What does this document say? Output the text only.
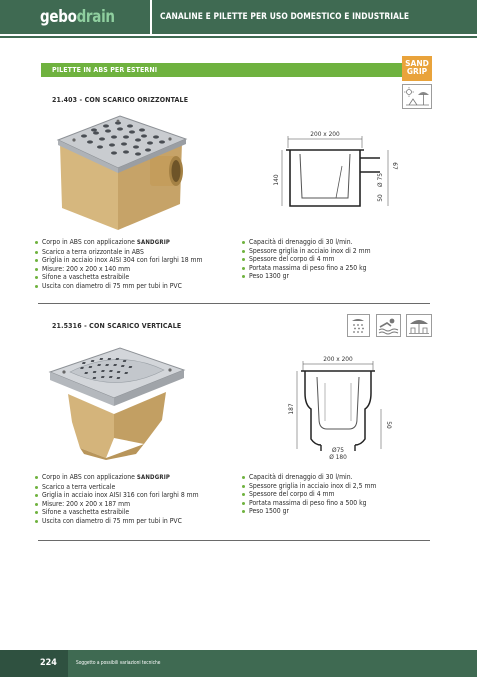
gebodrain	CANALINE E PILETTE PER USO DOMESTICO E INDUSTRIALE
PILETTE IN ABS PER ESTERNI
SAND
GRIP
21.403 - CON SCARICO ORIZZONTALE
200 x 200
140
67
Ø 75
50
Corpo in ABS con applicazione SANDGRIP
Scarico a terra orizzontale in ABS
Griglia in acciaio inox AISI 304 con fori larghi 18 mm
Misure: 200 x 200 x 140 mm
Sifone a vaschetta estraibile
Uscita con diametro di 75 mm per tubi in PVC
Capacità di drenaggio di 30 l/min.
Spessore griglia in acciaio inox di 2 mm
Spessore del corpo di 4 mm
Portata massima di peso fino a 250 kg
Peso 1300 gr
21.5316 - CON SCARICO VERTICALE
200 x 200
187
50
Ø75
Ø 180
Corpo in ABS con applicazione SANDGRIP
Scarico a terra verticale
Griglia in acciaio inox AISI 316 con fori larghi 8 mm
Misure: 200 x 200 x 187 mm
Sifone a vaschetta estraibile
Uscita con diametro di 75 mm per tubi in PVC
Capacità di drenaggio di 30 l/min.
Spessore griglia in acciaio inox di 2,5 mm
Spessore del corpo di 4 mm
Portata massima di peso fino a 500 kg
Peso 1500 gr
224	Soggetto a possibili variazioni tecniche
